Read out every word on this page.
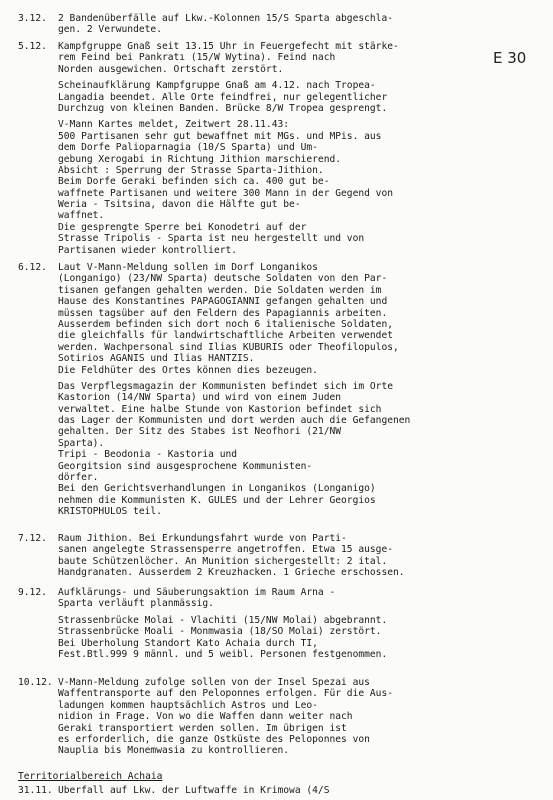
E 30
3.12.	2 Bandenüberfälle auf Lkw.-Kolonnen 15/S Sparta abgeschla-
gen. 2 Verwundete.
5.12.	Kampfgruppe Gnaß seit 13.15 Uhr in Feuergefecht mit stärke-
rem Feind bei Pankratı (15/W Wytina). Feind nach
Norden ausgewichen. Ortschaft zerstört.
Scheinaufklärung Kampfgruppe Gnaß am 4.12. nach Tropea-
Langadia beendet. Alle Orte feindfrei, nur gelegentlicher
Durchzug von kleinen Banden. Brücke 8/W Tropea gesprengt.
V-Mann Kartes meldet, Zeitwert 28.11.43:
500 Partisanen sehr gut bewaffnet mit MGs. und MPis. aus
dem Dorfe Palioparnagia (10/S Sparta) und Um-
gebung Xerogabi in Richtung Jithion marschierend.
Absicht : Sperrung der Strasse Sparta-Jithion.
Beim Dorfe Geraki befinden sich ca. 400 gut be-
waffnete Partisanen und weitere 300 Mann in der Gegend von
Weria - Tsitsina, davon die Hälfte gut be-
waffnet.
Die gesprengte Sperre bei Konodetri auf der
Strasse Tripolis - Sparta ist neu hergestellt und von
Partisanen wieder kontrolliert.
6.12.	Laut V-Mann-Meldung sollen im Dorf Longanikos
(Longanigo) (23/NW Sparta) deutsche Soldaten von den Par-
tisanen gefangen gehalten werden. Die Soldaten werden im
Hause des Konstantines PAPAGOGIANNI gefangen gehalten und
müssen tagsüber auf den Feldern des Papagiannis arbeiten.
Ausserdem befinden sich dort noch 6 italienische Soldaten,
die gleichfalls für landwirtschaftliche Arbeiten verwendet
werden. Wachpersonal sind Ilias KUBURIS oder Theofilopulos,
Sotirios AGANIS und Ilias HANTZIS.
Die Feldhüter des Ortes können dies bezeugen.
Das Verpflegsmagazin der Kommunisten befindet sich im Orte
Kastorion (14/NW Sparta) und wird von einem Juden
verwaltet. Eine halbe Stunde von Kastorion befindet sich
das Lager der Kommunisten und dort werden auch die Gefangenen
gehalten. Der Sitz des Stabes ist Neofhori (21/NW
Sparta).
Tripi - Beodonia - Kastoria und
Georgitsion sind ausgesprochene Kommunisten-
dörfer.
Bei den Gerichtsverhandlungen in Longanikos (Longanigo)
nehmen die Kommunisten K. GULES und der Lehrer Georgios
KRISTOPHULOS teil.
7.12.	Raum Jithion. Bei Erkundungsfahrt wurde von Parti-
sanen angelegte Strassensperre angetroffen. Etwa 15 ausge-
baute Schützenlöcher. An Munition sichergestellt: 2 ital.
Handgranaten. Ausserdem 2 Kreuzhacken. 1 Grieche erschossen.
9.12.	Aufklärungs- und Säuberungsaktion im Raum Arna -
Sparta verläuft planmässig.
Strassenbrücke Molai - Vlachiti (15/NW Molai) abgebrannt.
Strassenbrücke Moali - Monmwasia (18/SO Molai) zerstört.
Bei Überholung Standort Kato Achaia durch TI,
Fest.Btl.999 9 männl. und 5 weibl. Personen festgenommen.
10.12. V-Mann-Meldung zufolge sollen von der Insel Spezai aus
Waffentransporte auf den Peloponnes erfolgen. Für die Aus-
ladungen kommen hauptsächlich Astros und Leo-
nidion in Frage. Von wo die Waffen dann weiter nach
Geraki transportiert werden sollen. Im übrigen ist
es erforderlich, die ganze Ostküste des Peloponnes von
Nauplia bis Monemwasia zu kontrollieren.
Territorialbereich Achaia
31.11. Überfall auf Lkw. der Luftwaffe in Krimowa (4/S
